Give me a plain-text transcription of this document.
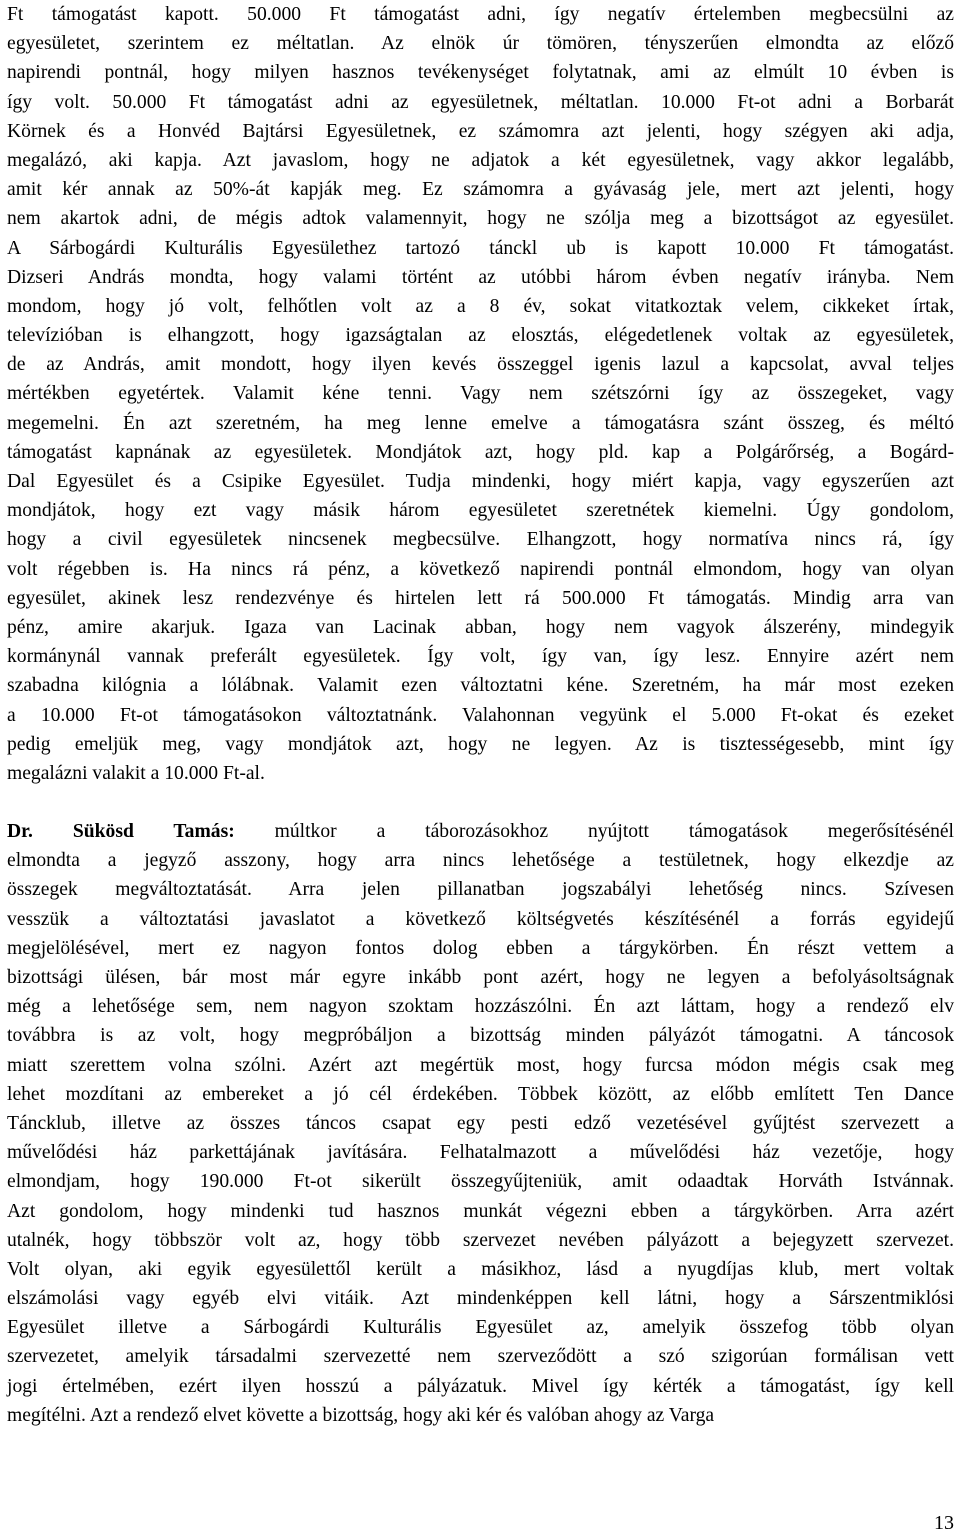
Ft támogatást kapott. 50.000 Ft támogatást adni, így negatív értelemben megbecsülni az
egyesületet, szerintem ez méltatlan. Az elnök úr tömören, tényszerűen elmondta az előző
napirendi pontnál, hogy milyen hasznos tevékenységet folytatnak, ami az elmúlt 10 évben is
így volt. 50.000 Ft támogatást adni az egyesületnek, méltatlan. 10.000 Ft-ot adni a Borbarát
Körnek és a Honvéd Bajtársi Egyesületnek, ez számomra azt jelenti, hogy szégyen aki adja,
megalázó, aki kapja. Azt javaslom, hogy ne adjatok a két egyesületnek, vagy akkor legalább,
amit kér annak az 50%-át kapják meg. Ez számomra a gyávaság jele, mert azt jelenti, hogy
nem akartok adni, de mégis adtok valamennyit, hogy ne szólja meg a bizottságot az egyesület.
A Sárbogárdi Kulturális Egyesülethez tartozó tánckl ub is kapott 10.000 Ft támogatást.
Dizseri András mondta, hogy valami történt az utóbbi három évben negatív irányba. Nem
mondom, hogy jó volt, felhőtlen volt az a 8 év, sokat vitatkoztak velem, cikkeket írtak,
televízióban is elhangzott, hogy igazságtalan az elosztás, elégedetlenek voltak az egyesületek,
de az András, amit mondott, hogy ilyen kevés összeggel igenis lazul a kapcsolat, avval teljes
mértékben egyetértek. Valamit kéne tenni. Vagy nem szétszórni így az összegeket, vagy
megemelni. Én azt szeretném, ha meg lenne emelve a támogatásra szánt összeg, és méltó
támogatást kapnának az egyesületek. Mondjátok azt, hogy pld. kap a Polgárőrség, a Bogárd-
Dal Egyesület és a Csipike Egyesület. Tudja mindenki, hogy miért kapja, vagy egyszerűen azt
mondjátok, hogy ezt vagy másik három egyesületet szeretnétek kiemelni. Úgy gondolom,
hogy a civil egyesületek nincsenek megbecsülve. Elhangzott, hogy normatíva nincs rá, így
volt régebben is. Ha nincs rá pénz, a következő napirendi pontnál elmondom, hogy van olyan
egyesület, akinek lesz rendezvénye és hirtelen lett rá 500.000 Ft támogatás. Mindig arra van
pénz, amire akarjuk. Igaza van Lacinak abban, hogy nem vagyok álszerény, mindegyik
kormánynál vannak preferált egyesületek. Így volt, így van, így lesz. Ennyire azért nem
szabadna kilógnia a lólábnak. Valamit ezen változtatni kéne. Szeretném, ha már most ezeken
a 10.000 Ft-ot támogatásokon változtatnánk. Valahonnan vegyünk el 5.000 Ft-okat és ezeket
pedig emeljük meg, vagy mondjátok azt, hogy ne legyen. Az is tisztességesebb, mint így
megalázni valakit a 10.000 Ft-al.
Dr. Sükösd Tamás: múltkor a táborozásokhoz nyújtott támogatások megerősítésénél
elmondta a jegyző asszony, hogy arra nincs lehetősége a testületnek, hogy elkezdje az
összegek megváltoztatását. Arra jelen pillanatban jogszabályi lehetőség nincs. Szívesen
vesszük a változtatási javaslatot a következő költségvetés készítésénél a forrás egyidejű
megjelölésével, mert ez nagyon fontos dolog ebben a tárgykörben. Én részt vettem a
bizottsági ülésen, bár most már egyre inkább pont azért, hogy ne legyen a befolyásoltságnak
még a lehetősége sem, nem nagyon szoktam hozzászólni. Én azt láttam, hogy a rendező elv
továbbra is az volt, hogy megpróbáljon a bizottság minden pályázót támogatni. A táncosok
miatt szerettem volna szólni. Azért azt megértük most, hogy furcsa módon mégis csak meg
lehet mozdítani az embereket a jó cél érdekében. Többek között, az előbb említett Ten Dance
Táncklub, illetve az összes táncos csapat egy pesti edző vezetésével gyűjtést szervezett a
művelődési ház parkettájának javítására. Felhatalmazott a művelődési ház vezetője, hogy
elmondjam, hogy 190.000 Ft-ot sikerült összegyűjteniük, amit odaadtak Horváth Istvánnak.
Azt gondolom, hogy mindenki tud hasznos munkát végezni ebben a tárgykörben. Arra azért
utalnék, hogy többször volt az, hogy több szervezet nevében pályázott a bejegyzett szervezet.
Volt olyan, aki egyik egyesülettől került a másikhoz, lásd a nyugdíjas klub, mert voltak
elszámolási vagy egyéb elvi vitáik. Azt mindenképpen kell látni, hogy a Sárszentmiklósi
Egyesület illetve a Sárbogárdi Kulturális Egyesület az, amelyik összefog több olyan
szervezetet, amelyik társadalmi szervezetté nem szerveződött a szó szigorúan formálisan vett
jogi értelmében, ezért ilyen hosszú a pályázatuk. Mivel így kérték a támogatást, így kell
megítélni. Azt a rendező elvet követte a bizottság, hogy aki kér és valóban ahogy az Varga
13
